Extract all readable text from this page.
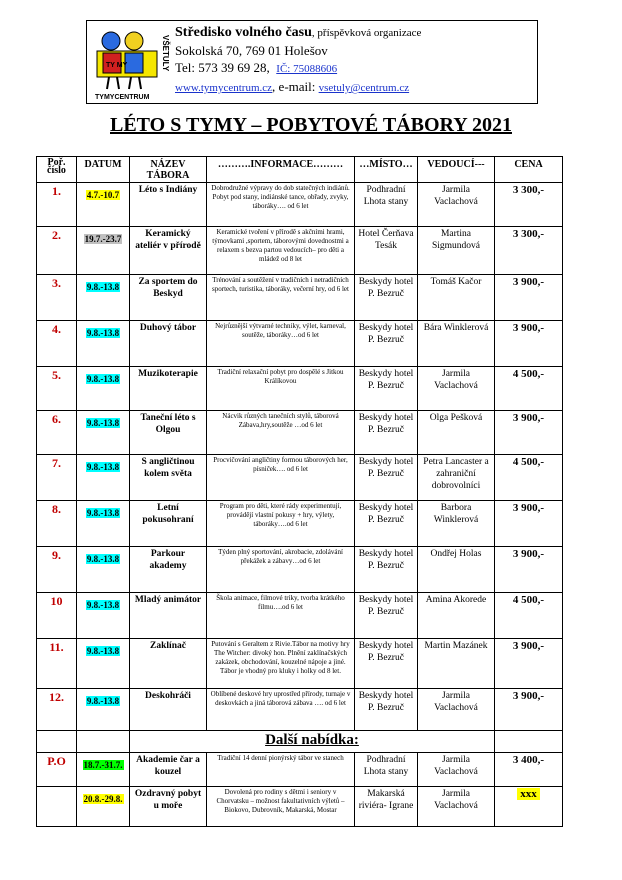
TY MY
TYMYCENTRUM
VŠETULY
Středisko volného času, příspěvková organizace
Sokolská 70, 769 01 Holešov
Tel: 573 39 69 28, IČ: 75088606
www.tymycentrum.cz, e-mail: vsetuly@centrum.cz
LÉTO S TYMY – POBYTOVÉ TÁBORY 2021
Poř. číslo	DATUM	NÁZEV TÁBORA	……….INFORMACE………	…MÍSTO…	VEDOUCÍ---	CENA
1.	4.7.-10.7	Léto s Indiány	Dobrodružné výpravy do dob statečných indiánů. Pobyt pod stany, indiánské tance, obřady, zvyky, táboráky…. od 6 let	Podhradní Lhota stany	Jarmila Vaclachová	3 300,-
2.	19.7.-23.7	Keramický ateliér v přírodě	Keramické tvoření v přírodě s akčními hrami, týmovkami ,sportem, táborovými dovednostmi a relaxem s bezva partou vedoucích– pro děti a mládež od 8 let	Hotel Čerňava Tesák	Martina Sigmundová	3 300,-
3.	9.8.-13.8	Za sportem do Beskyd	Trénování a soutěžení v tradičních i netradičních sportech, turistika, táboráky, večerní hry, od 6 let	Beskydy hotel P. Bezruč	Tomáš Kačor	3 900,-
4.	9.8.-13.8	Duhový tábor	Nejrůznější výtvarné techniky, výlet, karneval, soutěže, táboráky…od 6 let	Beskydy hotel P. Bezruč	Bára Winklerová	3 900,-
5.	9.8.-13.8	Muzikoterapie	Tradiční relaxační pobyt pro dospělé s Jitkou Králíkovou	Beskydy hotel P. Bezruč	Jarmila Vaclachová	4 500,-
6.	9.8.-13.8	Taneční léto s Olgou	Nácvik různých tanečních stylů, táborová Zábava,hry,soutěže …od 6 let	Beskydy hotel P. Bezruč	Olga Pešková	3 900,-
7.	9.8.-13.8	S angličtinou kolem světa	Procvičování angličtiny formou táborových her, písniček…. od 6 let	Beskydy hotel P. Bezruč	Petra Lancaster a zahraniční dobrovolníci	4 500,-
8.	9.8.-13.8	Letní pokusohraní	Program pro děti, které rády experimentují, provádějí vlastní pokusy + hry, výlety, táboráky….od 6 let	Beskydy hotel P. Bezruč	Barbora Winklerová	3 900,-
9.	9.8.-13.8	Parkour akademy	Týden plný sportování, akrobacie, zdolávání překážek a zábavy…od 6 let	Beskydy hotel P. Bezruč	Ondřej Holas	3 900,-
10	9.8.-13.8	Mladý animátor	Škola animace, filmové triky, tvorba krátkého filmu….od 6 let	Beskydy hotel P. Bezruč	Amina Akorede	4 500,-
11.	9.8.-13.8	Zaklínač	Putování s Geraltem z Rivie.Tábor na motivy hry The Witcher: divoký hon. Plnění zaklínačských zakázek, obchodování, kouzelné nápoje a jiné. Tábor je vhodný pro kluky i holky od 8 let.	Beskydy hotel P. Bezruč	Martin Mazánek	3 900,-
12.	9.8.-13.8	Deskohráči	Oblíbené deskové hry uprostřed přírody, turnaje v deskovkách a jiná táborová zábava …. od 6 let	Beskydy hotel P. Bezruč	Jarmila Vaclachová	3 900,-
		Další nabídka:				
P.O	18.7.-31.7.	Akademie čar a kouzel	Tradiční 14 denní pionýrský tábor ve stanech	Podhradní Lhota stany	Jarmila Vaclachová	3 400,-
	20.8.-29.8.	Ozdravný pobyt u moře	Dovolená pro rodiny s dětmi i seniory v Chorvatsku – možnost fakultativních výletů – Biokovo, Dubrovník, Makarská, Mostar	Makarská riviéra- Igrane	Jarmila Vaclachová	xxx
